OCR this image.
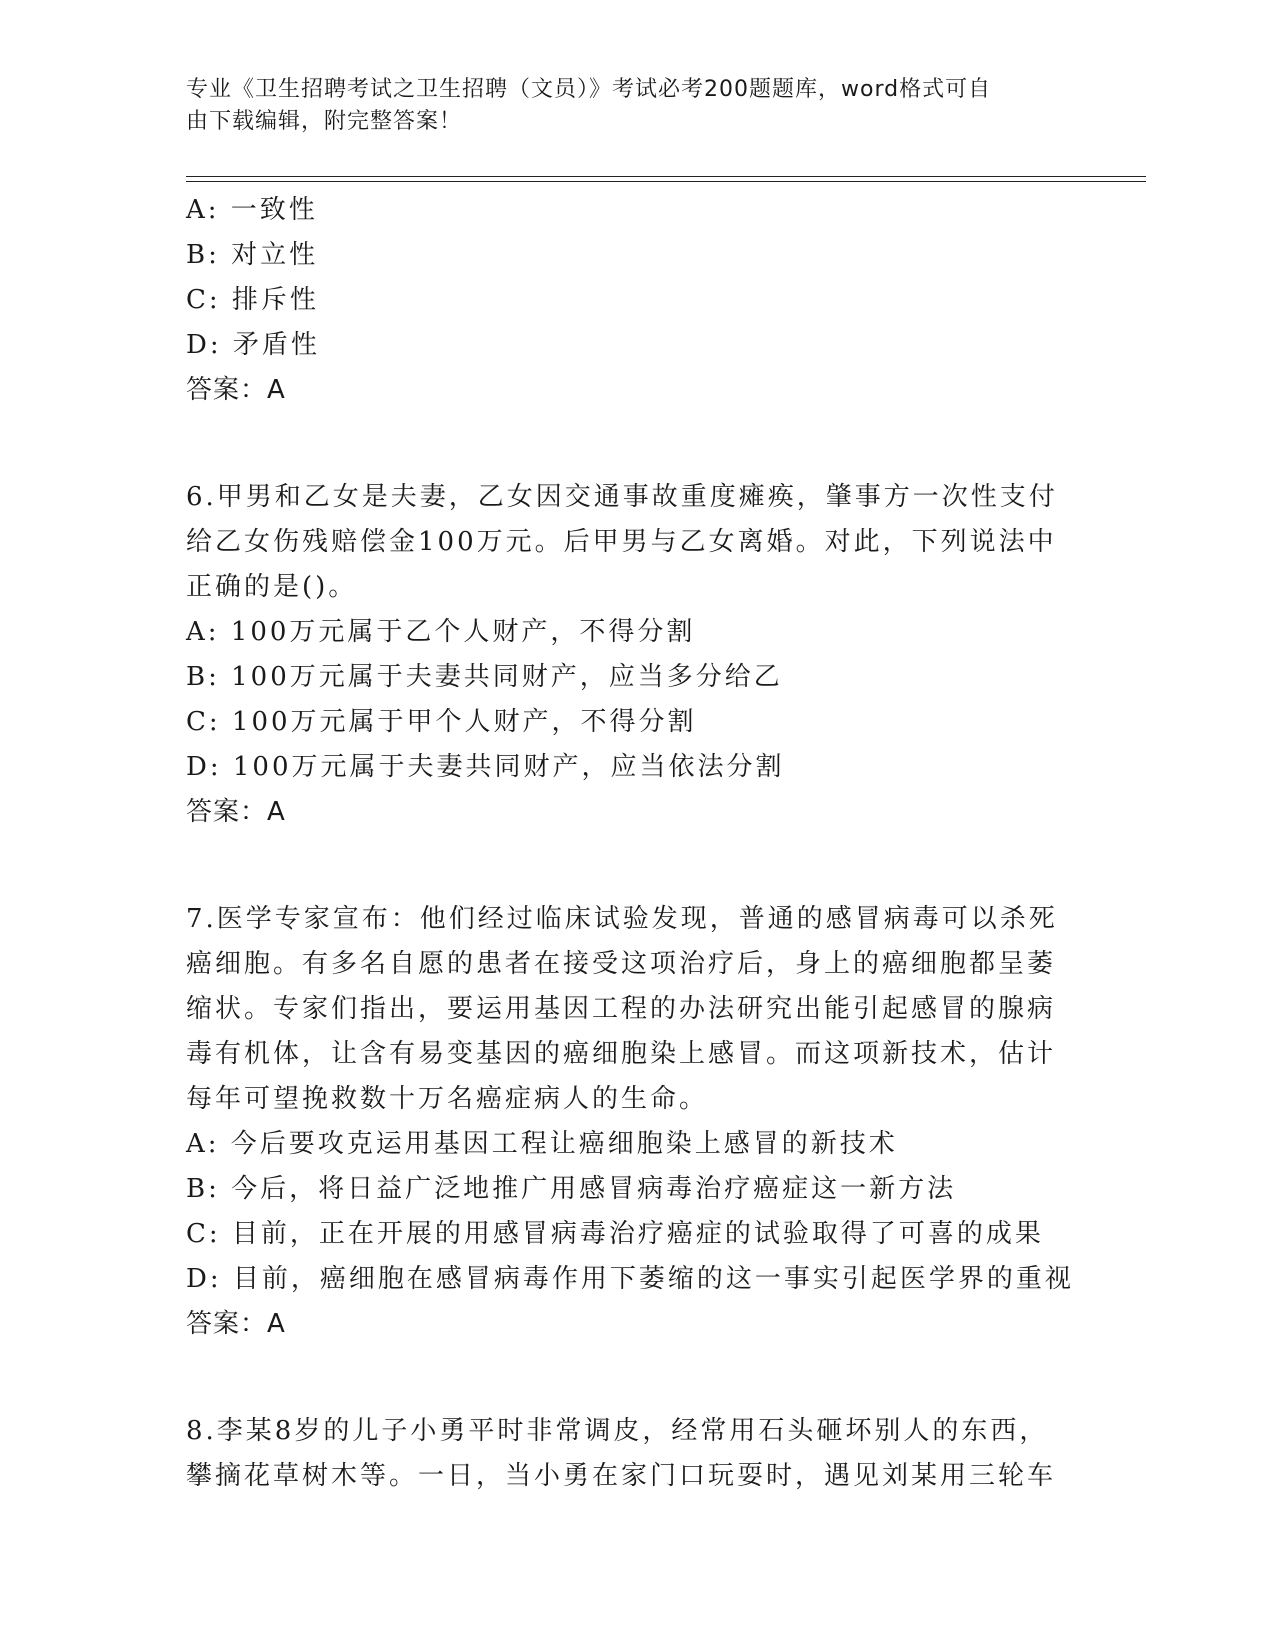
专业《卫生招聘考试之卫生招聘（文员）》考试必考200题题库，word格式可自
由下载编辑，附完整答案！
A: 一致性
B: 对立性
C: 排斥性
D: 矛盾性
答案：A
6.甲男和乙女是夫妻，乙女因交通事故重度瘫痪，肇事方一次性支付
给乙女伤残赔偿金100万元。后甲男与乙女离婚。对此，下列说法中
正确的是()。
A: 100万元属于乙个人财产，不得分割
B: 100万元属于夫妻共同财产，应当多分给乙
C: 100万元属于甲个人财产，不得分割
D: 100万元属于夫妻共同财产，应当依法分割
答案：A
7.医学专家宣布：他们经过临床试验发现，普通的感冒病毒可以杀死
癌细胞。有多名自愿的患者在接受这项治疗后，身上的癌细胞都呈萎
缩状。专家们指出，要运用基因工程的办法研究出能引起感冒的腺病
毒有机体，让含有易变基因的癌细胞染上感冒。而这项新技术，估计
每年可望挽救数十万名癌症病人的生命。
A: 今后要攻克运用基因工程让癌细胞染上感冒的新技术
B: 今后，将日益广泛地推广用感冒病毒治疗癌症这一新方法
C: 目前，正在开展的用感冒病毒治疗癌症的试验取得了可喜的成果
D: 目前，癌细胞在感冒病毒作用下萎缩的这一事实引起医学界的重视
答案：A
8.李某8岁的儿子小勇平时非常调皮，经常用石头砸坏别人的东西，
攀摘花草树木等。一日，当小勇在家门口玩耍时，遇见刘某用三轮车
